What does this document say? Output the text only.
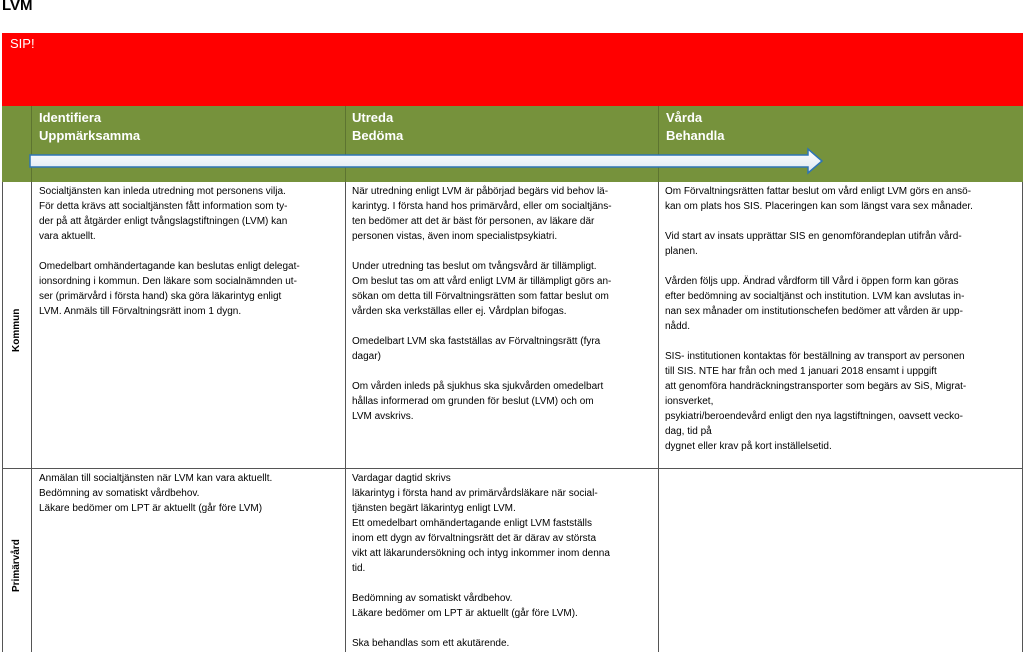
LVM
SIP!
Identifiera
Uppmärksamma
Utreda
Bedöma
Vårda
Behandla
Kommun
Primärvård

Socialtjänsten kan inleda utredning mot personens vilja.
För detta krävs att socialtjänsten fått information som ty-
der på att åtgärder enligt tvångslagstiftningen (LVM) kan
vara aktuellt.

Omedelbart omhändertagande kan beslutas enligt delegat-
ionsordning i kommun. Den läkare som socialnämnden ut-
ser (primärvård i första hand) ska göra läkarintyg enligt
LVM. Anmäls till Förvaltningsrätt inom 1 dygn.

När utredning enligt LVM är påbörjad begärs vid behov lä-
karintyg. I första hand hos primärvård, eller om socialtjäns-
ten bedömer att det är bäst för personen, av läkare där
personen vistas, även inom specialistpsykiatri.

Under utredning tas beslut om tvångsvård är tillämpligt.
Om beslut tas om att vård enligt LVM är tillämpligt görs an-
sökan om detta till Förvaltningsrätten som fattar beslut om
vården ska verkställas eller ej. Vårdplan bifogas.

Omedelbart LVM ska fastställas av Förvaltningsrätt (fyra
dagar)

Om vården inleds på sjukhus ska sjukvården omedelbart
hållas informerad om grunden för beslut (LVM) och om
LVM avskrivs.

Om Förvaltningsrätten fattar beslut om vård enligt LVM görs en ansö-
kan om plats hos SIS. Placeringen kan som längst vara sex månader.

Vid start av insats upprättar SIS en genomförandeplan utifrån vård-
planen.

Vården följs upp. Ändrad vårdform till Vård i öppen form kan göras
efter bedömning av socialtjänst och institution. LVM kan avslutas in-
nan sex månader om institutionschefen bedömer att vården är upp-
nådd.

SIS- institutionen kontaktas för beställning av transport av personen
till SIS. NTE har från och med 1 januari 2018 ensamt i uppgift
att genomföra handräckningstransporter som begärs av SiS, Migrat-
ionsverket,
psykiatri/beroendevård enligt den nya lagstiftningen, oavsett vecko-
dag, tid på
dygnet eller krav på kort inställelsetid.

Anmälan till socialtjänsten när LVM kan vara aktuellt.
Bedömning av somatiskt vårdbehov.
Läkare bedömer om LPT är aktuellt (går före LVM)

Vardagar dagtid skrivs
läkarintyg i första hand av primärvårdsläkare när social-
tjänsten begärt läkarintyg enligt LVM.
Ett omedelbart omhändertagande enligt LVM fastställs
inom ett dygn av förvaltningsrätt det är därav av största
vikt att läkarundersökning och intyg inkommer inom denna
tid.

Bedömning av somatiskt vårdbehov.
Läkare bedömer om LPT är aktuellt (går före LVM).

Ska behandlas som ett akutärende.
